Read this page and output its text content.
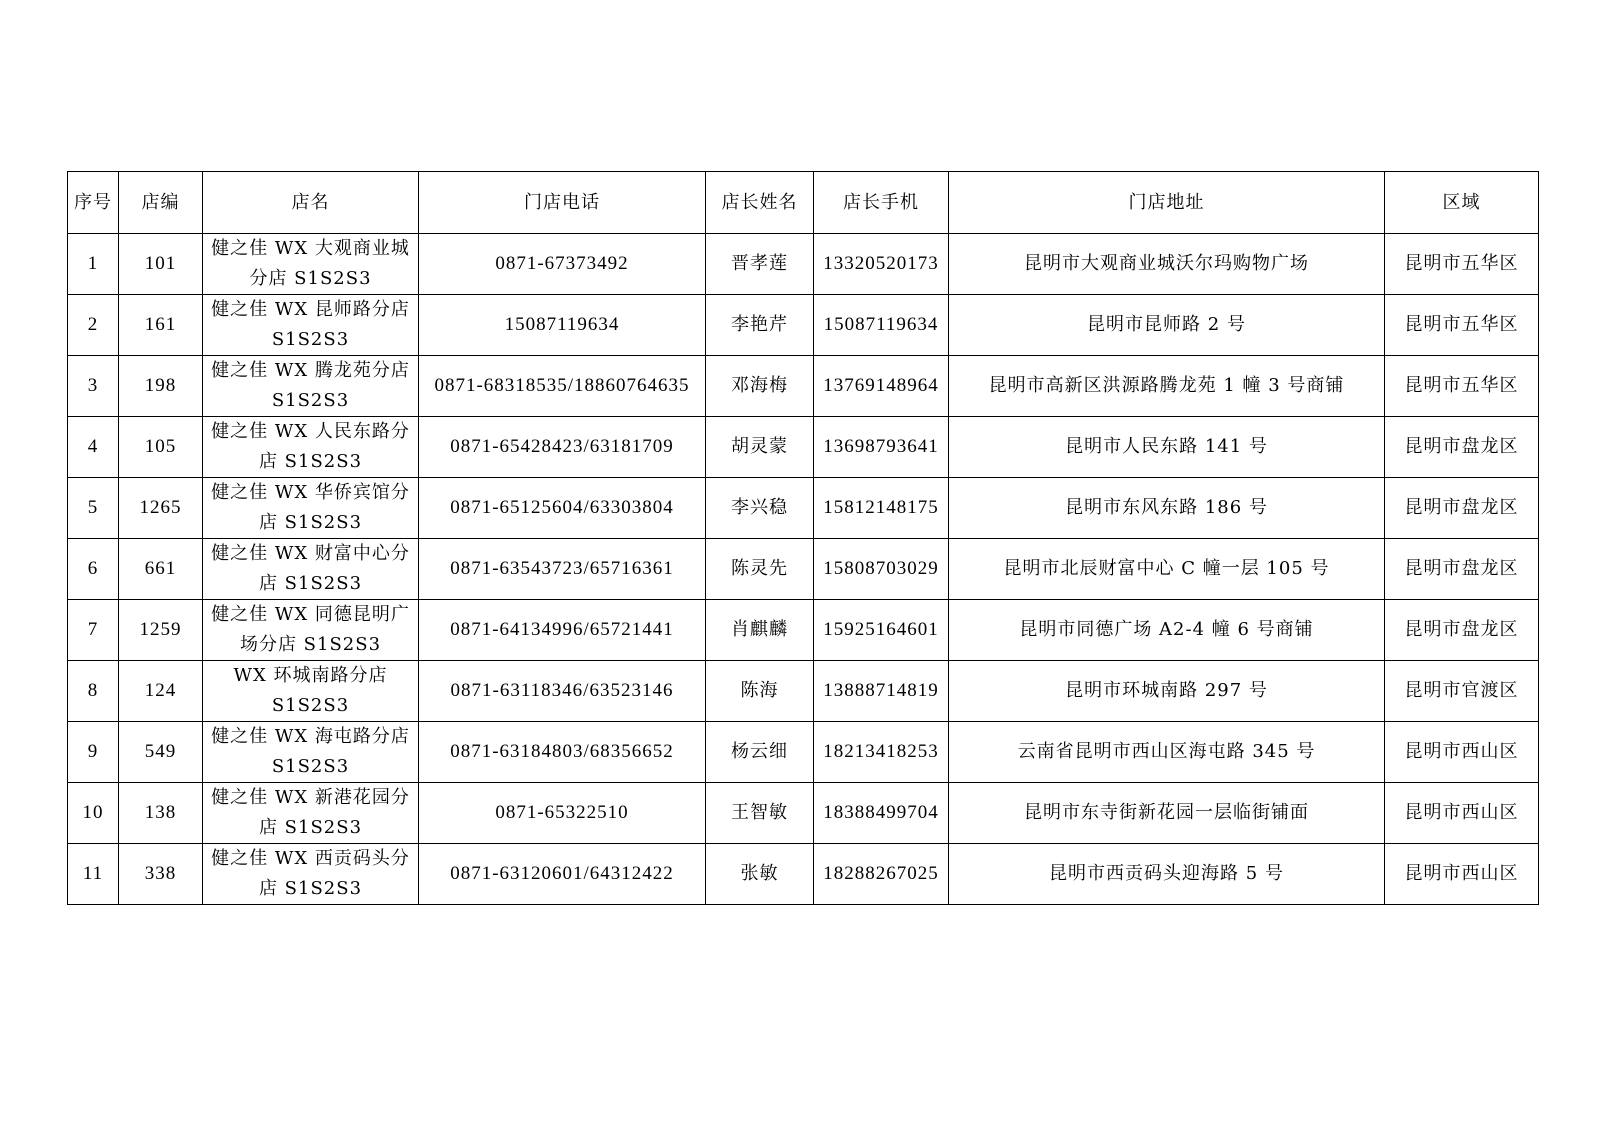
序号	店编	店名	门店电话	店长姓名	店长手机	门店地址	区域
1	101	健之佳 WX 大观商业城分店 S1S2S3	0871-67373492	晋孝莲	13320520173	昆明市大观商业城沃尔玛购物广场	昆明市五华区
2	161	健之佳 WX 昆师路分店 S1S2S3	15087119634	李艳芹	15087119634	昆明市昆师路 2 号	昆明市五华区
3	198	健之佳 WX 腾龙苑分店 S1S2S3	0871-68318535/18860764635	邓海梅	13769148964	昆明市高新区洪源路腾龙苑 1 幢 3 号商铺	昆明市五华区
4	105	健之佳 WX 人民东路分店 S1S2S3	0871-65428423/63181709	胡灵蒙	13698793641	昆明市人民东路 141 号	昆明市盘龙区
5	1265	健之佳 WX 华侨宾馆分店 S1S2S3	0871-65125604/63303804	李兴稳	15812148175	昆明市东风东路 186 号	昆明市盘龙区
6	661	健之佳 WX 财富中心分店 S1S2S3	0871-63543723/65716361	陈灵先	15808703029	昆明市北辰财富中心 C 幢一层 105 号	昆明市盘龙区
7	1259	健之佳 WX 同德昆明广场分店 S1S2S3	0871-64134996/65721441	肖麒麟	15925164601	昆明市同德广场 A2-4 幢 6 号商铺	昆明市盘龙区
8	124	WX 环城南路分店 S1S2S3	0871-63118346/63523146	陈海	13888714819	昆明市环城南路 297 号	昆明市官渡区
9	549	健之佳 WX 海屯路分店 S1S2S3	0871-63184803/68356652	杨云细	18213418253	云南省昆明市西山区海屯路 345 号	昆明市西山区
10	138	健之佳 WX 新港花园分店 S1S2S3	0871-65322510	王智敏	18388499704	昆明市东寺街新花园一层临街铺面	昆明市西山区
11	338	健之佳 WX 西贡码头分店 S1S2S3	0871-63120601/64312422	张敏	18288267025	昆明市西贡码头迎海路 5 号	昆明市西山区
